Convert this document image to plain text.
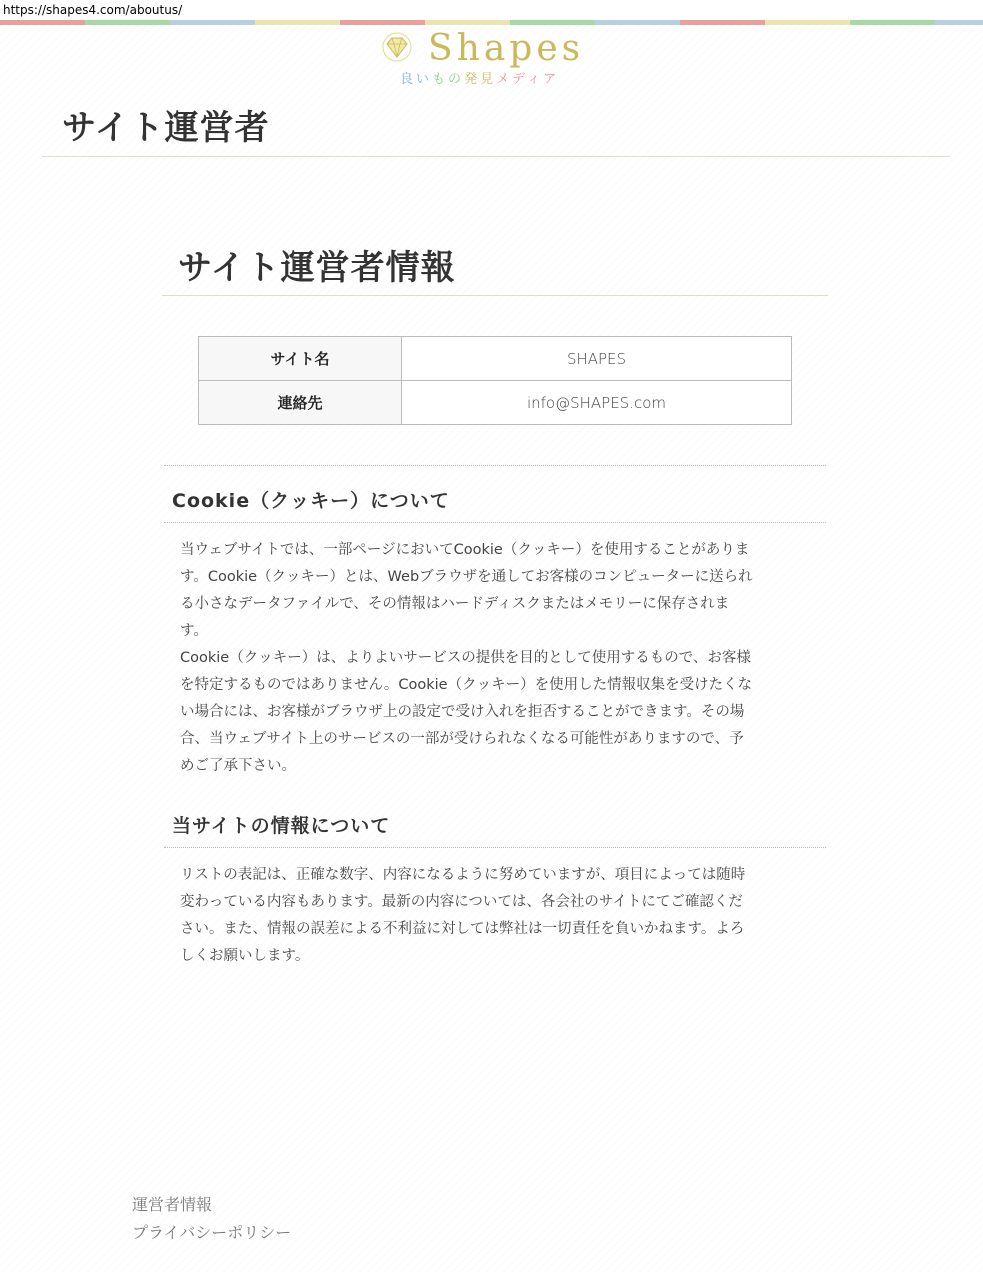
https://shapes4.com/aboutus/
Shapes
良いもの発見メディア
サイト運営者
サイト運営者情報
サイト名	SHAPES
連絡先	info@SHAPES.com
Cookie（クッキー）について
当ウェブサイトでは、一部ページにおいてCookie（クッキー）を使用することがありま
す。Cookie（クッキー）とは、Webブラウザを通してお客様のコンピューターに送られ
る小さなデータファイルで、その情報はハードディスクまたはメモリーに保存されま
す。
Cookie（クッキー）は、よりよいサービスの提供を目的として使用するもので、お客様
を特定するものではありません。Cookie（クッキー）を使用した情報収集を受けたくな
い場合には、お客様がブラウザ上の設定で受け入れを拒否することができます。その場
合、当ウェブサイト上のサービスの一部が受けられなくなる可能性がありますので、予
めご了承下さい。
当サイトの情報について
リストの表記は、正確な数字、内容になるように努めていますが、項目によっては随時
変わっている内容もあります。最新の内容については、各会社のサイトにてご確認くだ
さい。また、情報の誤差による不利益に対しては弊社は一切責任を負いかねます。よろ
しくお願いします。
運営者情報
プライバシーポリシー
